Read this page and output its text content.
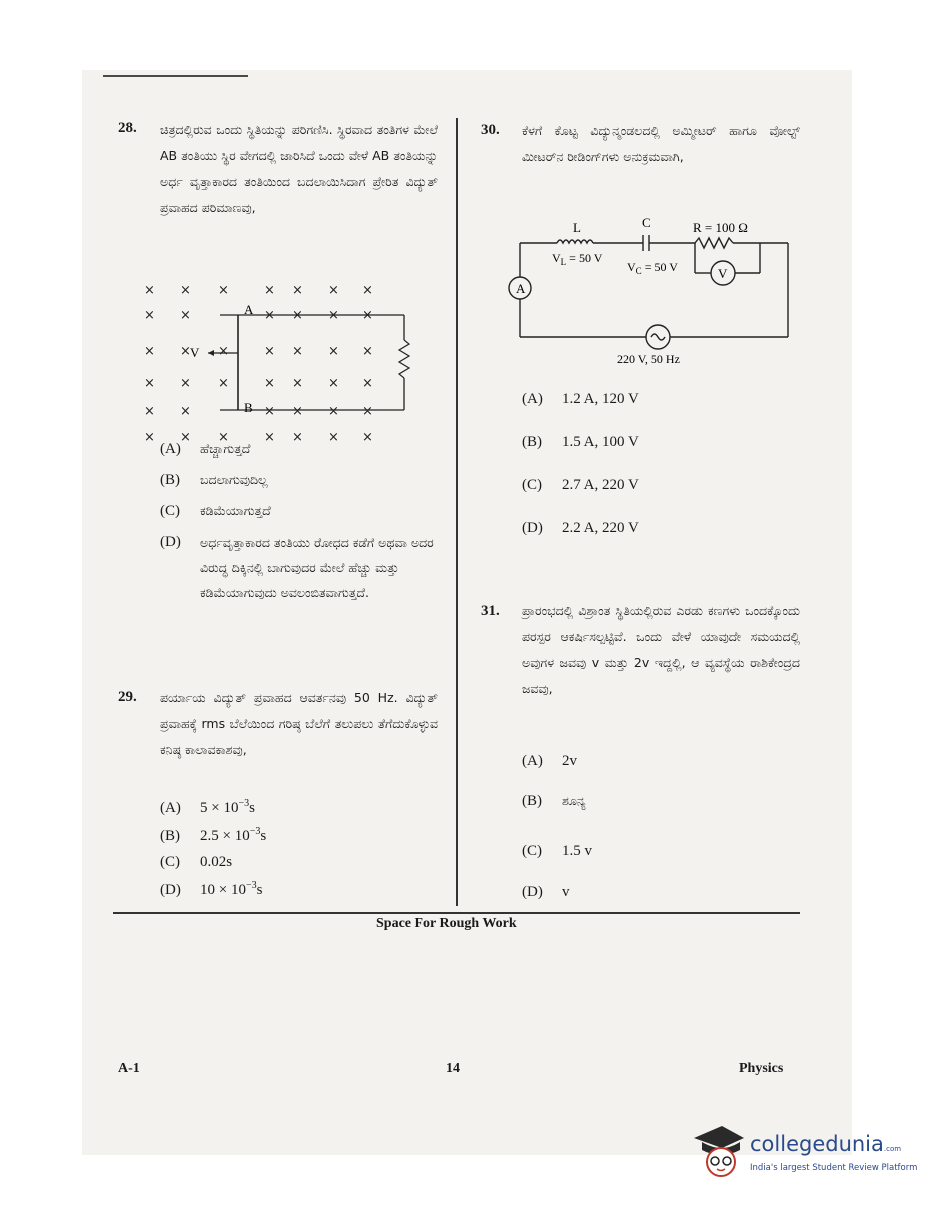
28. ಚಿತ್ರದಲ್ಲಿರುವ ಒಂದು ಸ್ಥಿತಿಯನ್ನು ಪರಿಗಣಿಸಿ. ಸ್ಥಿರವಾದ ತಂತಿಗಳ ಮೇಲೆ AB ತಂತಿಯು ಸ್ಥಿರ ವೇಗದಲ್ಲಿ ಜಾರಿಸಿದೆ ಒಂದು ವೇಳೆ AB ತಂತಿಯನ್ನು ಅರ್ಧ ವೃತ್ತಾಕಾರದ ತಂತಿಯಿಂದ ಬದಲಾಯಿಸಿದಾಗ ಪ್ರೇರಿತ ವಿದ್ಯುತ್ ಪ್ರವಾಹದ ಪರಿಮಾಣವು,
× × ×	× × × ×
× ×	× × × ×
× × ×	× × × ×
× × ×	× × × ×
× ×	× × × ×
× × ×	× × × ×
A
B
V
(A) ಹೆಚ್ಚಾಗುತ್ತದೆ
(B) ಬದಲಾಗುವುದಿಲ್ಲ
(C) ಕಡಿಮೆಯಾಗುತ್ತದೆ
(D) ಅರ್ಧವೃತ್ತಾಕಾರದ ತಂತಿಯು ರೋಧದ ಕಡೆಗೆ ಅಥವಾ ಅದರ ವಿರುದ್ಧ ದಿಕ್ಕಿನಲ್ಲಿ ಬಾಗುವುದರ ಮೇಲೆ ಹೆಚ್ಚು ಮತ್ತು ಕಡಿಮೆಯಾಗುವುದು ಅವಲಂಬಿತವಾಗುತ್ತದೆ.
29. ಪರ್ಯಾಯ ವಿದ್ಯುತ್ ಪ್ರವಾಹದ ಆವರ್ತನವು 50 Hz. ವಿದ್ಯುತ್ ಪ್ರವಾಹಕ್ಕೆ rms ಬೆಲೆಯಿಂದ ಗರಿಷ್ಠ ಬೆಲೆಗೆ ತಲುಪಲು ತೆಗೆದುಕೊಳ್ಳುವ ಕನಿಷ್ಠ ಕಾಲಾವಕಾಶವು,
(A) $5 \times 10^{-3}s$
(B) $2.5 \times 10^{-3}s$
(C) 0.02s
(D) $10 \times 10^{-3}s$
30. ಕೆಳಗೆ ಕೊಟ್ಟ ವಿದ್ಯುನ್ಮಂಡಲದಲ್ಲಿ ಅಮ್ಮೀಟರ್ ಹಾಗೂ ವೋಲ್ಟ್ ಮೀಟರ್‌ನ ರೀಡಿಂಗ್‌ಗಳು ಅನುಕ್ರಮವಾಗಿ,
A
V
L	C	R = 100 Ω
$V_L = 50$ V
$V_C = 50$ V
220 V, 50 Hz
(A) 1.2 A, 120 V
(B) 1.5 A, 100 V
(C) 2.7 A, 220 V
(D) 2.2 A, 220 V
31. ಪ್ರಾರಂಭದಲ್ಲಿ ವಿಶ್ರಾಂತ ಸ್ಥಿತಿಯಲ್ಲಿರುವ ಎರಡು ಕಣಗಳು ಒಂದಕ್ಕೊಂದು ಪರಸ್ಪರ ಆಕರ್ಷಿಸಲ್ಪಟ್ಟಿವೆ. ಒಂದು ವೇಳೆ ಯಾವುದೇ ಸಮಯದಲ್ಲಿ ಅವುಗಳ ಜವವು v ಮತ್ತು 2v ಇದ್ದಲ್ಲಿ, ಆ ವ್ಯವಸ್ಥೆಯ ರಾಶಿಕೇಂದ್ರದ ಜವವು,
(A) 2v
(B) ಶೂನ್ಯ
(C) 1.5 v
(D) v
Space For Rough Work
A-1	14	Physics
collegedunia.com
India's largest Student Review Platform
